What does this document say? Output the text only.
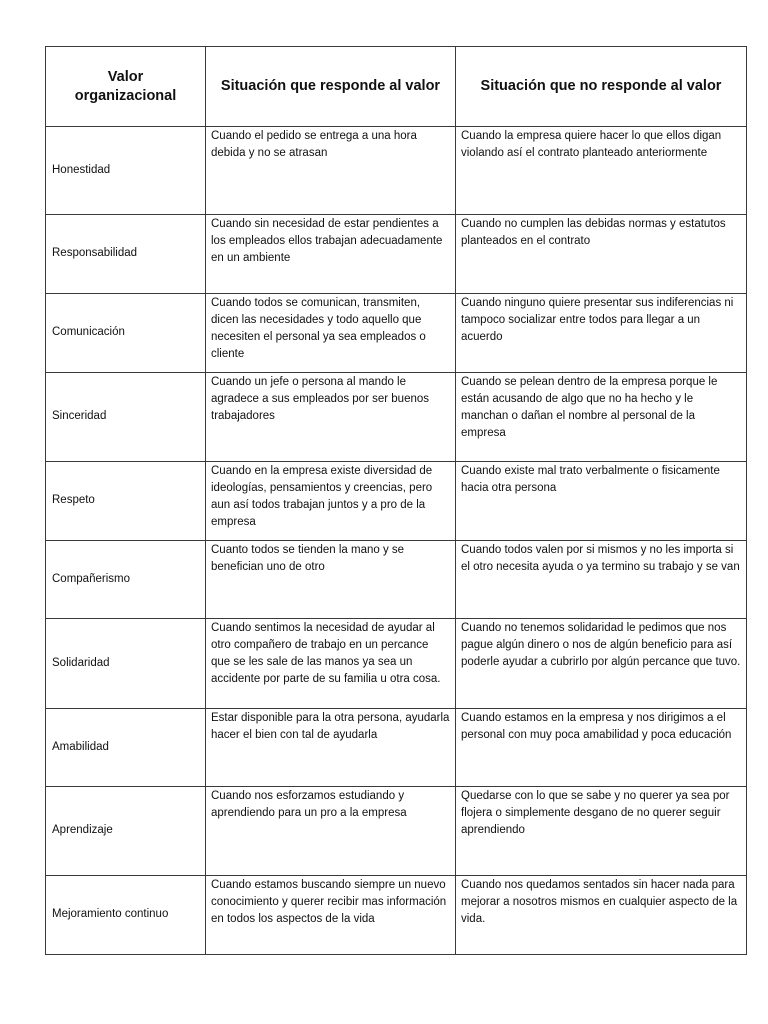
Valor organizacional	Situación que responde al valor	Situación que no responde al valor
Honestidad	Cuando el pedido se entrega a una hora debida y no se atrasan	Cuando la empresa quiere hacer lo que ellos digan violando así el contrato planteado anteriormente
Responsabilidad	Cuando sin necesidad de estar pendientes a los empleados ellos trabajan adecuadamente en un ambiente	Cuando no cumplen las debidas normas y estatutos planteados en el contrato
Comunicación	Cuando todos se comunican, transmiten, dicen las necesidades y todo aquello que necesiten el personal ya sea empleados o cliente	Cuando ninguno quiere presentar sus indiferencias ni tampoco socializar entre todos para llegar a un acuerdo
Sinceridad	Cuando un jefe o persona al mando le agradece a sus empleados por ser buenos trabajadores	Cuando se pelean dentro de la empresa porque le están acusando de algo que no ha hecho y le manchan o dañan el nombre al personal de la empresa
Respeto	Cuando en la empresa existe diversidad de ideologías, pensamientos y creencias, pero aun así todos trabajan juntos y a pro de la empresa	Cuando existe mal trato verbalmente o fisicamente hacia otra persona
Compañerismo	Cuanto todos se tienden la mano y se benefician uno de otro	Cuando todos valen por si mismos y no les importa si el otro necesita ayuda o ya termino su trabajo y se van
Solidaridad	Cuando sentimos la necesidad de ayudar al otro compañero de trabajo en un percance que se les sale de las manos ya sea un accidente por parte de su familia u otra cosa.	Cuando no tenemos solidaridad le pedimos que nos pague algún dinero o nos de algún beneficio para así poderle ayudar a cubrirlo por algún percance que tuvo.
Amabilidad	Estar disponible para la otra persona, ayudarla hacer el bien con tal de ayudarla	Cuando estamos en la empresa y nos dirigimos a el personal con muy poca amabilidad y poca educación
Aprendizaje	Cuando nos esforzamos estudiando y aprendiendo para un pro a la empresa	Quedarse con lo que se sabe y no querer ya sea por flojera o simplemente desgano de no querer seguir aprendiendo
Mejoramiento continuo	Cuando estamos buscando siempre un nuevo conocimiento y querer recibir mas información en todos los aspectos de la vida	Cuando nos quedamos sentados sin hacer nada para mejorar a nosotros mismos en cualquier aspecto de la vida.
